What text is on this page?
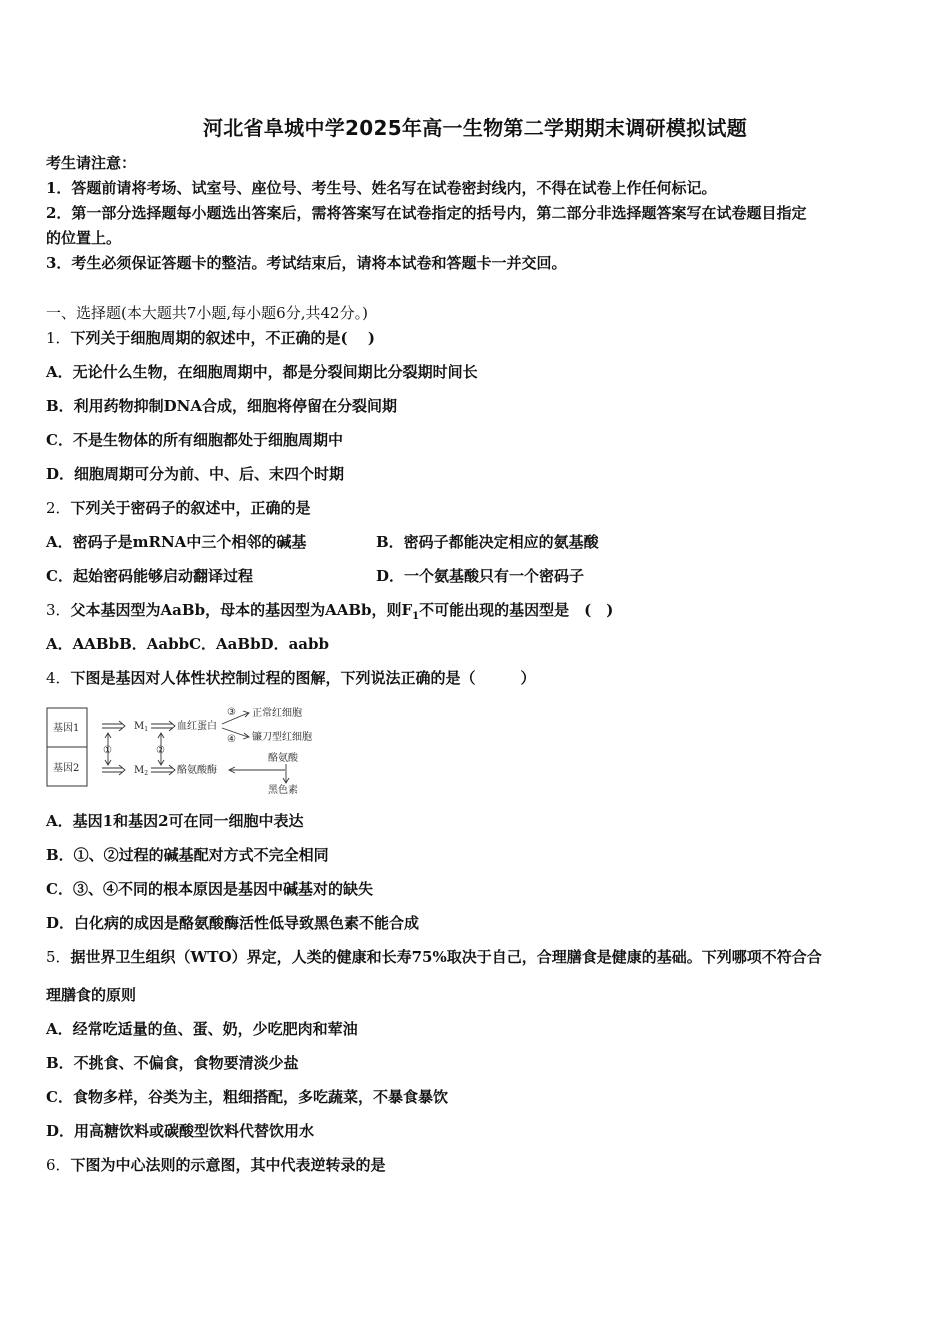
河北省阜城中学2025年高一生物第二学期期末调研模拟试题
考生请注意：
1．答题前请将考场、试室号、座位号、考生号、姓名写在试卷密封线内，不得在试卷上作任何标记。
2．第一部分选择题每小题选出答案后，需将答案写在试卷指定的括号内，第二部分非选择题答案写在试卷题目指定
的位置上。
3．考生必须保证答题卡的整洁。考试结束后，请将本试卷和答题卡一并交回。
一、选择题(本大题共7小题,每小题6分,共42分。)
1．下列关于细胞周期的叙述中，不正确的是(　 )
A．无论什么生物，在细胞周期中，都是分裂间期比分裂期时间长
B．利用药物抑制DNA合成，细胞将停留在分裂间期
C．不是生物体的所有细胞都处于细胞周期中
D．细胞周期可分为前、中、后、末四个时期
2．下列关于密码子的叙述中，正确的是
A．密码子是mRNA中三个相邻的碱基	B．密码子都能决定相应的氨基酸
C．起始密码能够启动翻译过程	D．一个氨基酸只有一个密码子
3．父本基因型为AaBb，母本的基因型为AABb，则$F_1$不可能出现的基因型是　(　)
A．AABbB．AabbC．AaBbD．aabb
4．下图是基因对人体性状控制过程的图解，下列说法正确的是（　　　）
基因1
基因2
$M_1$	血红蛋白
③
④
正常红细胞
镰刀型红细胞
①	②
$M_2$	酪氨酸酶
酪氨酸
黑色素
A．基因1和基因2可在同一细胞中表达
B．①、②过程的碱基配对方式不完全相同
C．③、④不同的根本原因是基因中碱基对的缺失
D．白化病的成因是酪氨酸酶活性低导致黑色素不能合成
5．据世界卫生组织（WTO）界定，人类的健康和长寿75%取决于自己，合理膳食是健康的基础。下列哪项不符合合
理膳食的原则
A．经常吃适量的鱼、蛋、奶，少吃肥肉和荤油
B．不挑食、不偏食，食物要清淡少盐
C．食物多样，谷类为主，粗细搭配，多吃蔬菜，不暴食暴饮
D．用高糖饮料或碳酸型饮料代替饮用水
6．下图为中心法则的示意图，其中代表逆转录的是
